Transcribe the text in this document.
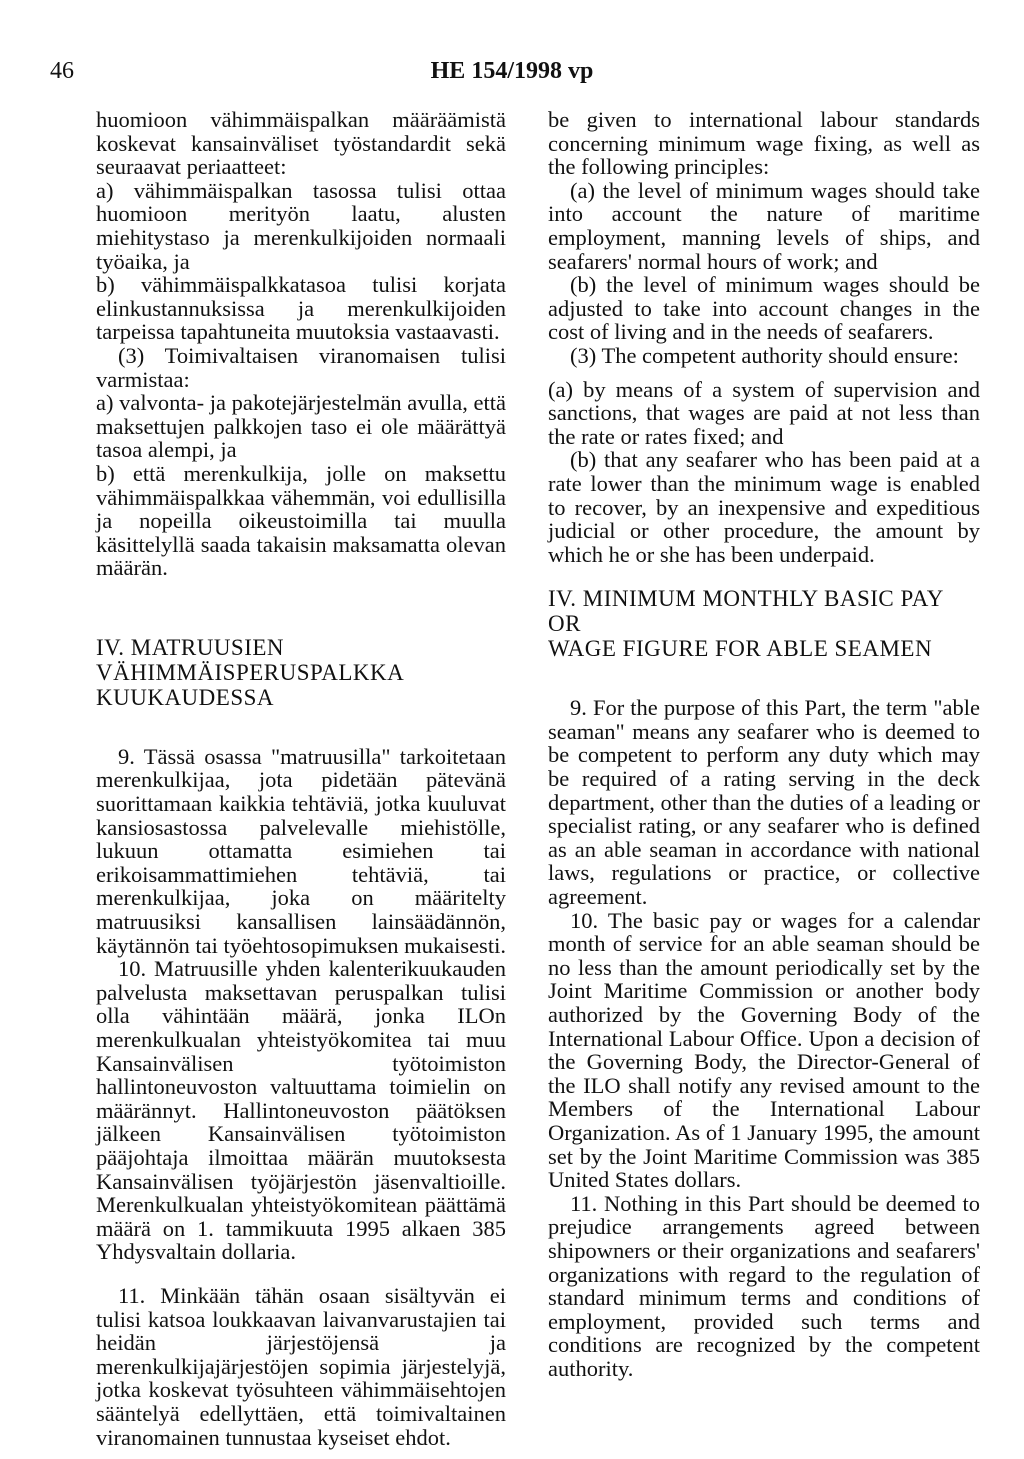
46	HE 154/1998 vp

huomioon vähimmäispalkan määräämistä koskevat kansainväliset työstandardit sekä seuraavat periaatteet:

a) vähimmäispalkan tasossa tulisi ottaa huomioon merityön laatu, alusten miehitystaso ja merenkulkijoiden normaali työaika, ja

b) vähimmäispalkkatasoa tulisi korjata elinkustannuksissa ja merenkulkijoiden tarpeissa tapahtuneita muutoksia vastaavasti.

(3) Toimivaltaisen viranomaisen tulisi varmistaa:

a) valvonta- ja pakotejärjestelmän avulla, että maksettujen palkkojen taso ei ole määrättyä tasoa alempi, ja

b) että merenkulkija, jolle on maksettu vähimmäispalkkaa vähemmän, voi edullisilla ja nopeilla oikeustoimilla tai muulla käsittelyllä saada takaisin maksamatta olevan määrän.

IV. MATRUUSIEN VÄHIMMÄISPERUSPALKKA KUUKAUDESSA

9. Tässä osassa "matruusilla" tarkoitetaan merenkulkijaa, jota pidetään pätevänä suorittamaan kaikkia tehtäviä, jotka kuuluvat kansiosastossa palvelevalle miehistölle, lukuun ottamatta esimiehen tai erikoisammattimiehen tehtäviä, tai merenkulkijaa, joka on määritelty matruusiksi kansallisen lainsäädännön, käytännön tai työehtosopimuksen mukaisesti.

10. Matruusille yhden kalenterikuukauden palvelusta maksettavan peruspalkan tulisi olla vähintään määrä, jonka ILOn merenkulkualan yhteistyökomitea tai muu Kansainvälisen työtoimiston hallintoneuvoston valtuuttama toimielin on määrännyt. Hallintoneuvoston päätöksen jälkeen Kansainvälisen työtoimiston pääjohtaja ilmoittaa määrän muutoksesta Kansainvälisen työjärjestön jäsenvaltioille. Merenkulkualan yhteistyökomitean päättämä määrä on 1. tammikuuta 1995 alkaen 385 Yhdysvaltain dollaria.

11. Minkään tähän osaan sisältyvän ei tulisi katsoa loukkaavan laivanvarustajien tai heidän järjestöjensä ja merenkulkijajärjestöjen sopimia järjestelyjä, jotka koskevat työsuhteen vähimmäisehtojen sääntelyä edellyttäen, että toimivaltainen viranomainen tunnustaa kyseiset ehdot.

be given to international labour standards concerning minimum wage fixing, as well as the following principles:

(a) the level of minimum wages should take into account the nature of maritime employment, manning levels of ships, and seafarers' normal hours of work; and

(b) the level of minimum wages should be adjusted to take into account changes in the cost of living and in the needs of seafarers.

(3) The competent authority should ensure:

(a) by means of a system of supervision and sanctions, that wages are paid at not less than the rate or rates fixed; and

(b) that any seafarer who has been paid at a rate lower than the minimum wage is enabled to recover, by an inexpensive and expeditious judicial or other procedure, the amount by which he or she has been underpaid.

IV. MINIMUM MONTHLY BASIC PAY OR

WAGE FIGURE FOR ABLE SEAMEN

9. For the purpose of this Part, the term "able seaman" means any seafarer who is deemed to be competent to perform any duty which may be required of a rating serving in the deck department, other than the duties of a leading or specialist rating, or any seafarer who is defined as an able seaman in accordance with national laws, regulations or practice, or collective agreement.

10. The basic pay or wages for a calendar month of service for an able seaman should be no less than the amount periodically set by the Joint Maritime Commission or another body authorized by the Governing Body of the International Labour Office. Upon a decision of the Governing Body, the Director-General of the ILO shall notify any revised amount to the Members of the International Labour Organization. As of 1 January 1995, the amount set by the Joint Maritime Commission was 385 United States dollars.

11. Nothing in this Part should be deemed to prejudice arrangements agreed between shipowners or their organizations and seafarers' organizations with regard to the regulation of standard minimum terms and conditions of employment, provided such terms and conditions are recognized by the competent authority.
